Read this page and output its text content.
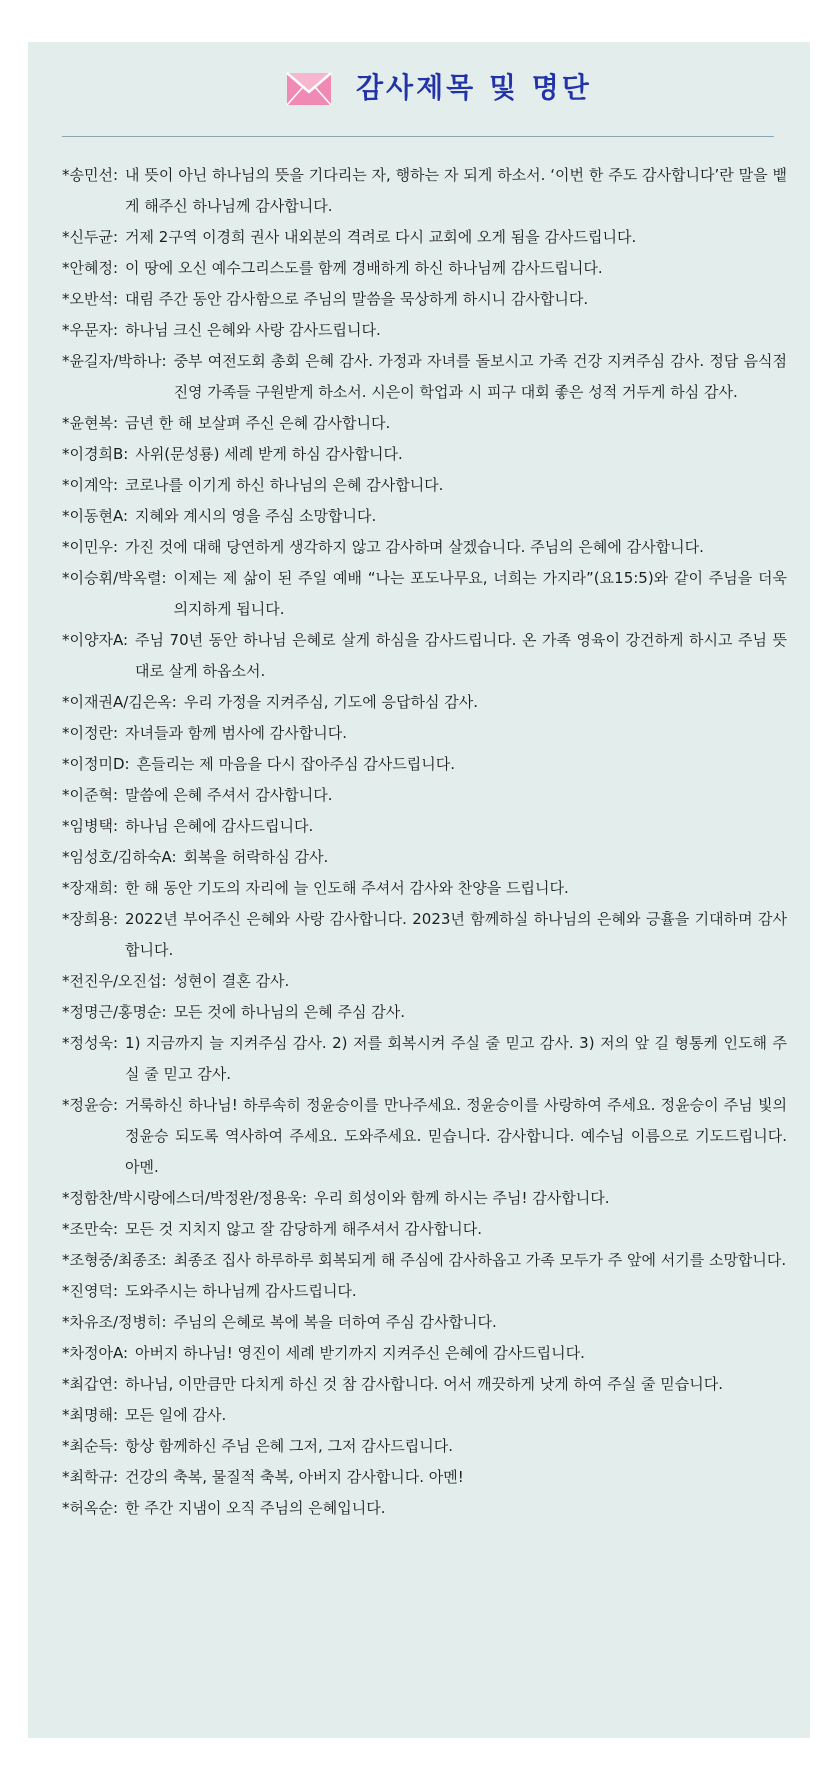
감사제목 및 명단
*송민선: 내 뜻이 아닌 하나님의 뜻을 기다리는 자, 행하는 자 되게 하소서. ‘이번 한 주도 감사합니다’란 말을 뱉게 해주신 하나님께 감사합니다.
*신두균: 거제 2구역 이경희 권사 내외분의 격려로 다시 교회에 오게 됨을 감사드립니다.
*안혜정: 이 땅에 오신 예수그리스도를 함께 경배하게 하신 하나님께 감사드립니다.
*오반석: 대림 주간 동안 감사함으로 주님의 말씀을 묵상하게 하시니 감사합니다.
*우문자: 하나님 크신 은혜와 사랑 감사드립니다.
*윤길자/박하나: 중부 여전도회 총회 은혜 감사. 가정과 자녀를 돌보시고 가족 건강 지켜주심 감사. 정담 음식점 진영 가족들 구원받게 하소서. 시은이 학업과 시 피구 대회 좋은 성적 거두게 하심 감사.
*윤현복: 금년 한 해 보살펴 주신 은혜 감사합니다.
*이경희B: 사위(문성룡) 세례 받게 하심 감사합니다.
*이계악: 코로나를 이기게 하신 하나님의 은혜 감사합니다.
*이동현A: 지혜와 계시의 영을 주심 소망합니다.
*이민우: 가진 것에 대해 당연하게 생각하지 않고 감사하며 살겠습니다. 주님의 은혜에 감사합니다.
*이승휘/박옥렬: 이제는 제 삶이 된 주일 예배 “나는 포도나무요, 너희는 가지라”(요15:5)와 같이 주님을 더욱 의지하게 됩니다.
*이양자A: 주님 70년 동안 하나님 은혜로 살게 하심을 감사드립니다. 온 가족 영육이 강건하게 하시고 주님 뜻대로 살게 하옵소서.
*이재권A/김은옥: 우리 가정을 지켜주심, 기도에 응답하심 감사.
*이정란: 자녀들과 함께 범사에 감사합니다.
*이정미D: 흔들리는 제 마음을 다시 잡아주심 감사드립니다.
*이준혁: 말씀에 은혜 주셔서 감사합니다.
*임병택: 하나님 은혜에 감사드립니다.
*임성호/김하숙A: 회복을 허락하심 감사.
*장재희: 한 해 동안 기도의 자리에 늘 인도해 주셔서 감사와 찬양을 드립니다.
*장희용: 2022년 부어주신 은혜와 사랑 감사합니다. 2023년 함께하실 하나님의 은혜와 긍휼을 기대하며 감사합니다.
*전진우/오진섭: 성현이 결혼 감사.
*정명근/홍명순: 모든 것에 하나님의 은혜 주심 감사.
*정성욱: 1) 지금까지 늘 지켜주심 감사. 2) 저를 회복시켜 주실 줄 믿고 감사. 3) 저의 앞 길 형통케 인도해 주실 줄 믿고 감사.
*정윤승: 거룩하신 하나님! 하루속히 정윤승이를 만나주세요. 정윤승이를 사랑하여 주세요. 정윤승이 주님 빛의 정윤승 되도록 역사하여 주세요. 도와주세요. 믿습니다. 감사합니다. 예수님 이름으로 기도드립니다. 아멘.
*정함찬/박시랑에스더/박정완/정용욱: 우리 희성이와 함께 하시는 주님! 감사합니다.
*조만숙: 모든 것 지치지 않고 잘 감당하게 해주셔서 감사합니다.
*조형중/최종조: 최종조 집사 하루하루 회복되게 해 주심에 감사하옵고 가족 모두가 주 앞에 서기를 소망합니다.
*진영덕: 도와주시는 하나님께 감사드립니다.
*차유조/정병히: 주님의 은혜로 복에 복을 더하여 주심 감사합니다.
*차정아A: 아버지 하나님! 영진이 세례 받기까지 지켜주신 은혜에 감사드립니다.
*최갑연: 하나님, 이만큼만 다치게 하신 것 참 감사합니다. 어서 깨끗하게 낫게 하여 주실 줄 믿습니다.
*최명해: 모든 일에 감사.
*최순득: 항상 함께하신 주님 은혜 그저, 그저 감사드립니다.
*최학규: 건강의 축복, 물질적 축복, 아버지 감사합니다. 아멘!
*허옥순: 한 주간 지냄이 오직 주님의 은혜입니다.
